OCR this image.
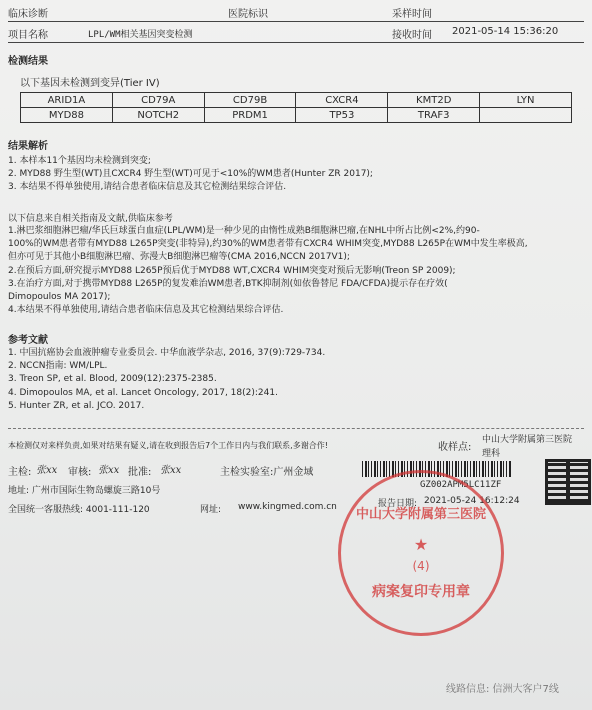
临床诊断	医院标识	采样时间
项目名称	LPL/WM相关基因突变检测	接收时间 2021-05-14 15:36:20
检测结果
以下基因未检测到变异(Tier IV)
ARID1A	CD79A	CD79B	CXCR4	KMT2D	LYN
MYD88	NOTCH2	PRDM1	TP53	TRAF3	
结果解析
1. 本样本11个基因均未检测到突变;
2. MYD88 野生型(WT)且CXCR4 野生型(WT)可见于<10%的WM患者(Hunter ZR 2017);
3. 本结果不得单独使用,请结合患者临床信息及其它检测结果综合评估.
以下信息来自相关指南及文献,供临床参考
1.淋巴浆细胞淋巴瘤/华氏巨球蛋白血症(LPL/WM)是一种少见的由惰性成熟B细胞淋巴瘤,在NHL中所占比例<2%,约90-
100%的WM患者带有MYD88 L265P突变(非特异),约30%的WM患者带有CXCR4 WHIM突变,MYD88 L265P在WM中发生率极高,
但亦可见于其他小B细胞淋巴瘤、弥漫大B细胞淋巴瘤等(CMA 2016,NCCN 2017V1);
2.在预后方面,研究提示MYD88 L265P预后优于MYD88 WT,CXCR4 WHIM突变对预后无影响(Treon SP 2009);
3.在治疗方面,对于携带MYD88 L265P的复发难治WM患者,BTK抑制剂(如依鲁替尼 FDA/CFDA)提示存在疗效(
Dimopoulos MA 2017);
4.本结果不得单独使用,请结合患者临床信息及其它检测结果综合评估.
参考文献
1. 中国抗癌协会血液肿瘤专业委员会. 中华血液学杂志, 2016, 37(9):729-734.
2. NCCN指南: WM/LPL.
3. Treon SP, et al. Blood, 2009(12):2375-2385.
4. Dimopoulos MA, et al. Lancet Oncology, 2017, 18(2):241.
5. Hunter ZR, et al. JCO. 2017.
本检测仅对来样负责,如果对结果有疑义,请在收到报告后7个工作日内与我们联系,多谢合作!	收样点:
中山大学附属第三医院
理科
主检: 张xx 审核: 张xx 批准: 张xx	主检实验室:广州金域
地址: 广州市国际生物岛螺旋三路10号
全国统一客服热线: 4001-111-120	网址: www.kingmed.com.cn
GZ002APM5LC11ZF
报告日期: 2021-05-24 16:12:24
中山大学附属第三医院
★
(4)
病案复印专用章
线路信息: 信洲大客户7线
